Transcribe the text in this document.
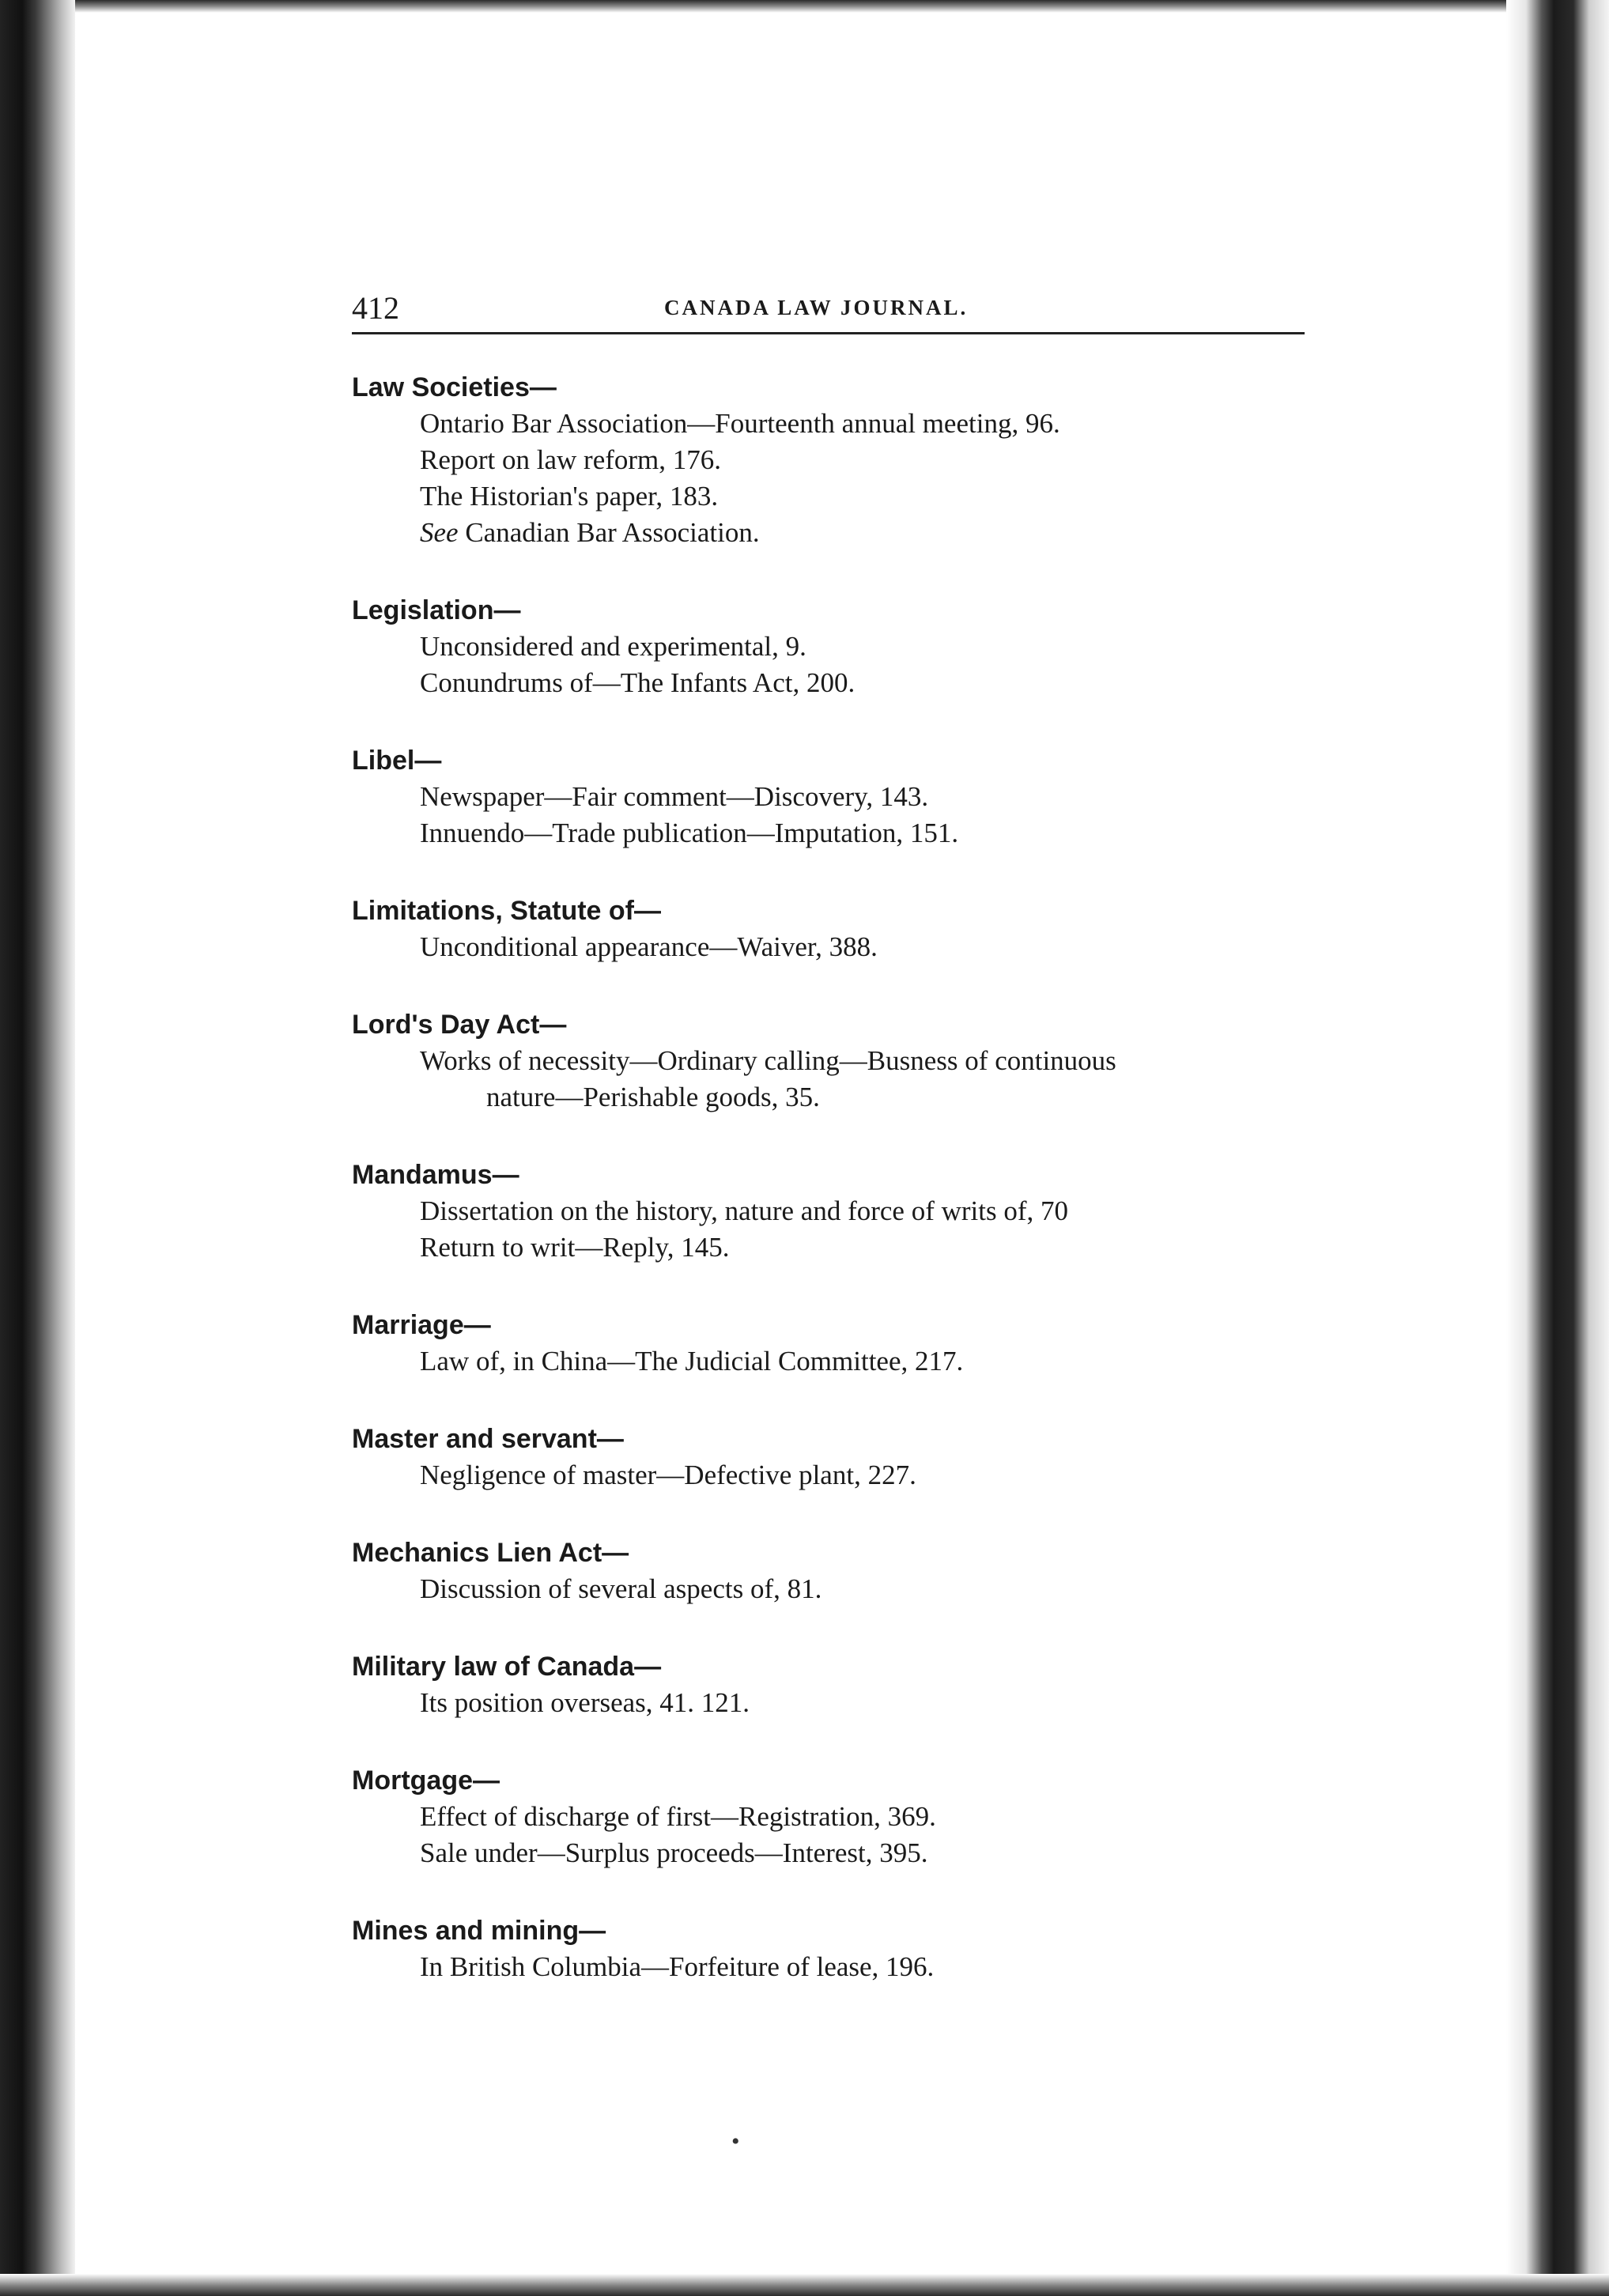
412	CANADA LAW JOURNAL.
Law Societies—
Ontario Bar Association—Fourteenth annual meeting, 96.
Report on law reform, 176.
The Historian's paper, 183.
See Canadian Bar Association.
Legislation—
Unconsidered and experimental, 9.
Conundrums of—The Infants Act, 200.
Libel—
Newspaper—Fair comment—Discovery, 143.
Innuendo—Trade publication—Imputation, 151.
Limitations, Statute of—
Unconditional appearance—Waiver, 388.
Lord's Day Act—
Works of necessity—Ordinary calling—Busness of continuous
nature—Perishable goods, 35.
Mandamus—
Dissertation on the history, nature and force of writs of, 70
Return to writ—Reply, 145.
Marriage—
Law of, in China—The Judicial Committee, 217.
Master and servant—
Negligence of master—Defective plant, 227.
Mechanics Lien Act—
Discussion of several aspects of, 81.
Military law of Canada—
Its position overseas, 41. 121.
Mortgage—
Effect of discharge of first—Registration, 369.
Sale under—Surplus proceeds—Interest, 395.
Mines and mining—
In British Columbia—Forfeiture of lease, 196.
•
